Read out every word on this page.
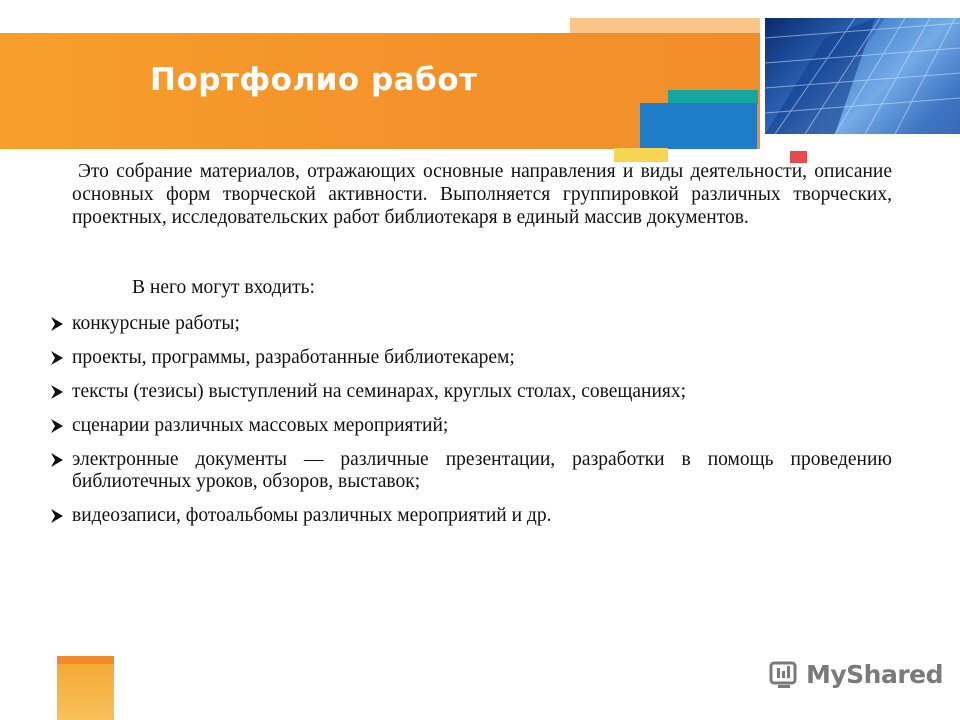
Портфолио работ
Это собрание материалов, отражающих основные направления и виды деятельности, описание основных форм творческой активности. Выполняется группировкой различных творческих, проектных, исследовательских работ библиотекаря в единый массив документов.
В него могут входить:
конкурсные работы;
проекты, программы, разработанные библиотекарем;
тексты (тезисы) выступлений на семинарах, круглых столах, совещаниях;
сценарии различных массовых мероприятий;
электронные документы — различные презентации, разработки в помощь проведению библиотечных уроков, обзоров, выставок;
видеозаписи, фотоальбомы различных мероприятий и др.
MyShared
